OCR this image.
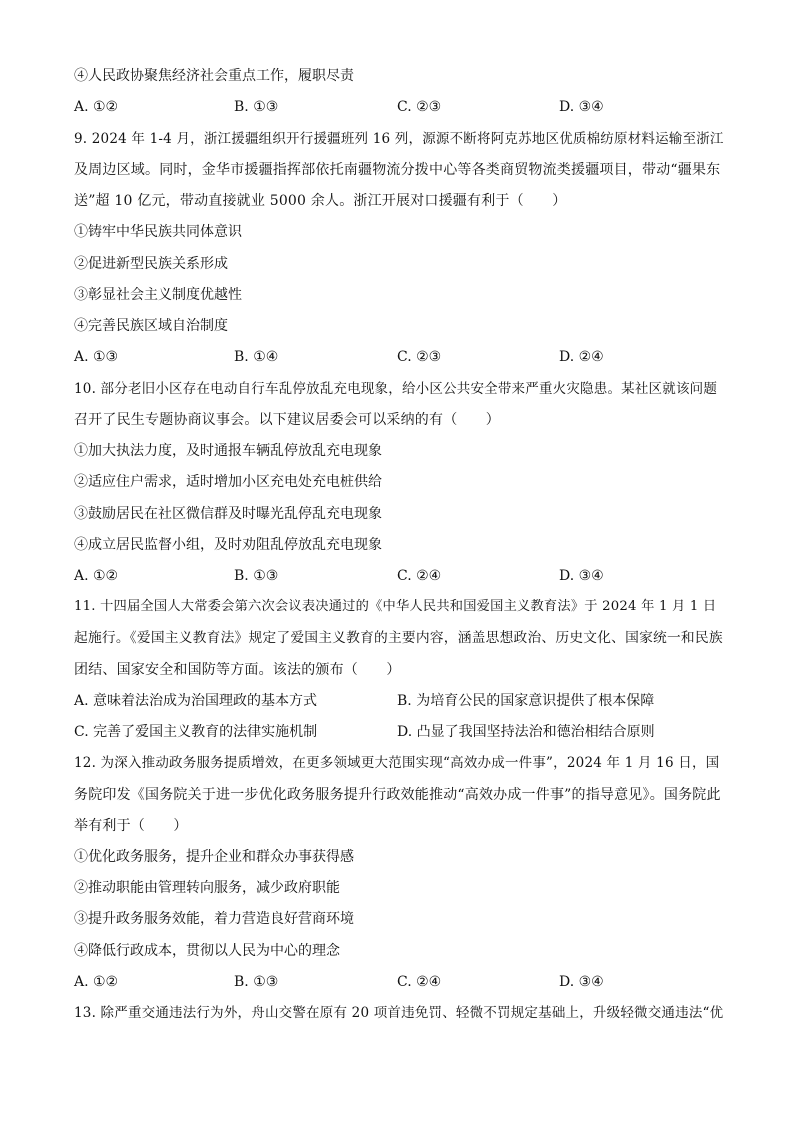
④人民政协聚焦经济社会重点工作，履职尽责
A. ①②	B. ①③	C. ②③	D. ③④
9. 2024 年 1-4 月，浙江援疆组织开行援疆班列 16 列，源源不断将阿克苏地区优质棉纺原材料运输至浙江
及周边区域。同时，金华市援疆指挥部依托南疆物流分拨中心等各类商贸物流类援疆项目，带动“疆果东
送”超 10 亿元，带动直接就业 5000 余人。浙江开展对口援疆有利于（　　）
①铸牢中华民族共同体意识
②促进新型民族关系形成
③彰显社会主义制度优越性
④完善民族区域自治制度
A. ①③	B. ①④	C. ②③	D. ②④
10. 部分老旧小区存在电动自行车乱停放乱充电现象，给小区公共安全带来严重火灾隐患。某社区就该问题
召开了民生专题协商议事会。以下建议居委会可以采纳的有（　　）
①加大执法力度，及时通报车辆乱停放乱充电现象
②适应住户需求，适时增加小区充电处充电桩供给
③鼓励居民在社区微信群及时曝光乱停乱充电现象
④成立居民监督小组，及时劝阻乱停放乱充电现象
A. ①②	B. ①③	C. ②④	D. ③④
11. 十四届全国人大常委会第六次会议表决通过的《中华人民共和国爱国主义教育法》于 2024 年 1 月 1 日
起施行。《爱国主义教育法》规定了爱国主义教育的主要内容，涵盖思想政治、历史文化、国家统一和民族
团结、国家安全和国防等方面。该法的颁布（　　）
A. 意味着法治成为治国理政的基本方式	B. 为培育公民的国家意识提供了根本保障
C. 完善了爱国主义教育的法律实施机制	D. 凸显了我国坚持法治和德治相结合原则
12. 为深入推动政务服务提质增效，在更多领域更大范围实现“高效办成一件事”，2024 年 1 月 16 日，国
务院印发《国务院关于进一步优化政务服务提升行政效能推动“高效办成一件事”的指导意见》。国务院此
举有利于（　　）
①优化政务服务，提升企业和群众办事获得感
②推动职能由管理转向服务，减少政府职能
③提升政务服务效能，着力营造良好营商环境
④降低行政成本，贯彻以人民为中心的理念
A. ①②	B. ①③	C. ②④	D. ③④
13. 除严重交通违法行为外，舟山交警在原有 20 项首违免罚、轻微不罚规定基础上，升级轻微交通违法“优
